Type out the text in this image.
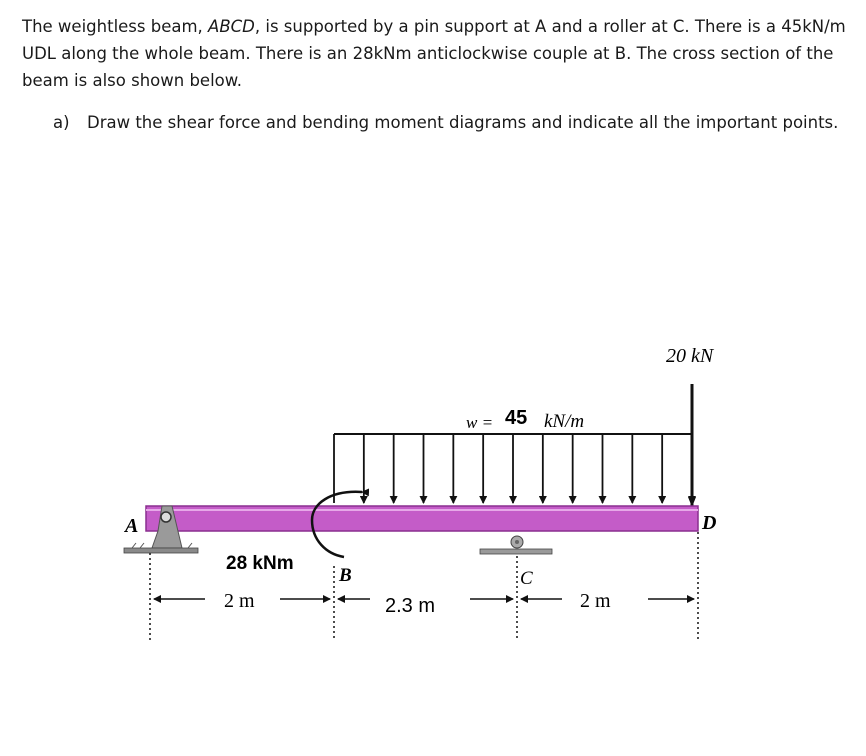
The weightless beam, ABCD, is supported by a pin support at A and a roller at C. There is a 45kN/m UDL along the whole beam. There is an 28kNm anticlockwise couple at B. The cross section of the beam is also shown below.
a) Draw the shear force and bending moment diagrams and indicate all the important points.
20 kN
w = 45 kN/m
A
B	C
D
28 kNm
2 m	2.3 m	2 m
